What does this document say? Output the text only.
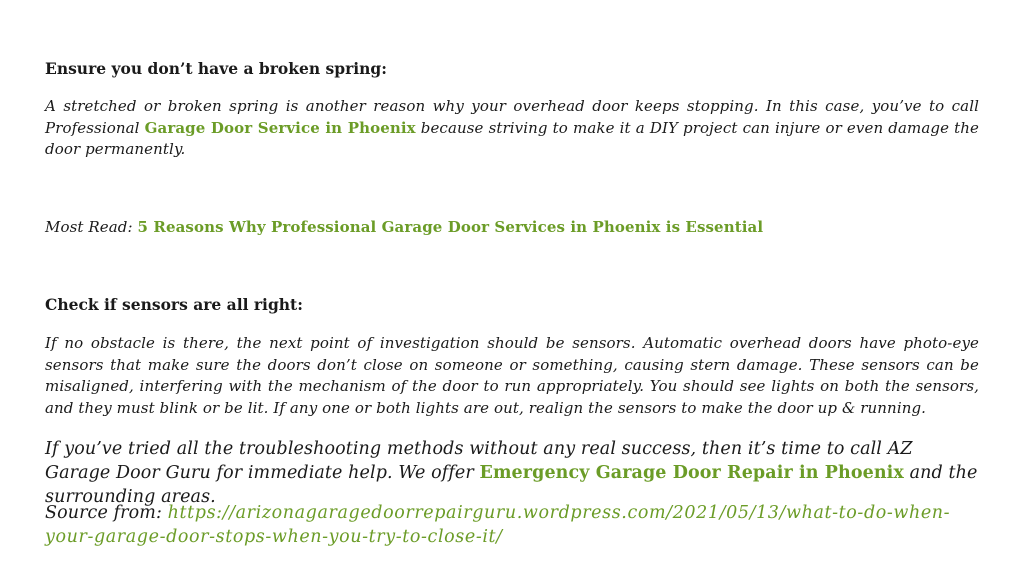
Ensure you don’t have a broken spring:

A stretched or broken spring is another reason why your overhead door keeps stopping. In this case, you’ve to call Professional Garage Door Service in Phoenix because striving to make it a DIY project can injure or even damage the door permanently.

Most Read: 5 Reasons Why Professional Garage Door Services in Phoenix is Essential

Check if sensors are all right:

If no obstacle is there, the next point of investigation should be sensors. Automatic overhead doors have photo-eye sensors that make sure the doors don’t close on someone or something, causing stern damage. These sensors can be misaligned, interfering with the mechanism of the door to run appropriately. You should see lights on both the sensors, and they must blink or be lit. If any one or both lights are out, realign the sensors to make the door up & running.

If you’ve tried all the troubleshooting methods without any real success, then it’s time to call AZ Garage Door Guru for immediate help. We offer Emergency Garage Door Repair in Phoenix and the surrounding areas.

Source from: https://arizonagaragedoorrepairguru.wordpress.com/2021/05/13/what-to-do-when-your-garage-door-stops-when-you-try-to-close-it/
